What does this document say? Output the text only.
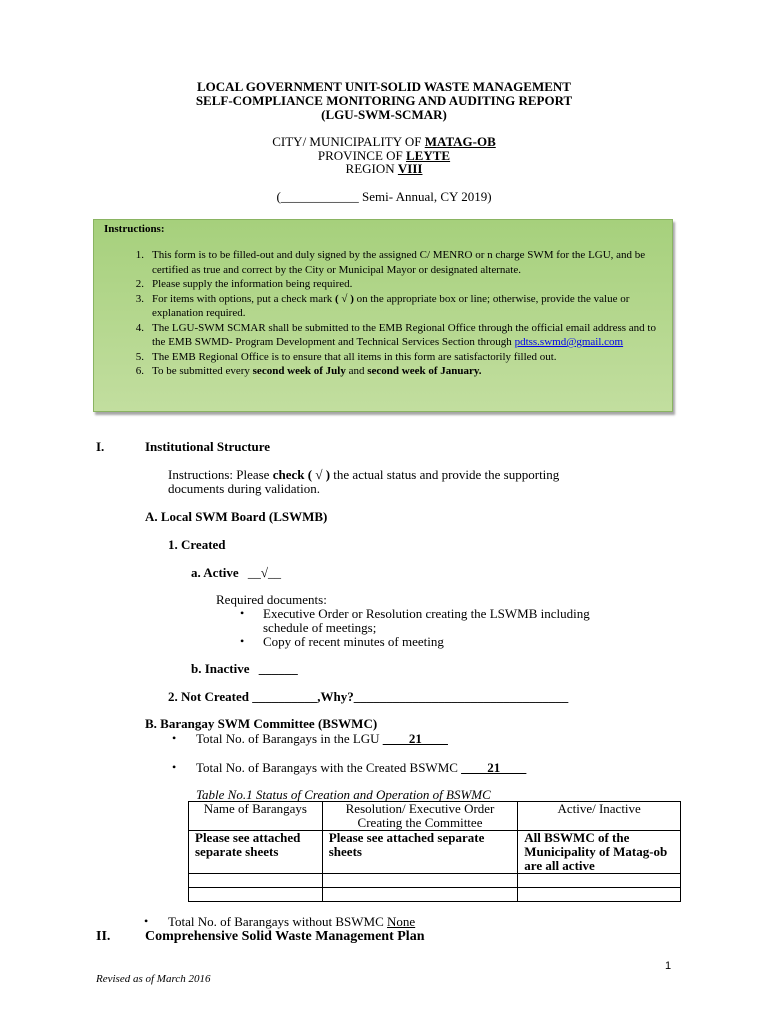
LOCAL GOVERNMENT UNIT-SOLID WASTE MANAGEMENT
SELF-COMPLIANCE MONITORING AND AUDITING REPORT
(LGU-SWM-SCMAR)
CITY/ MUNICIPALITY OF MATAG-OB
PROVINCE OF LEYTE
REGION VIII
(____________ Semi- Annual, CY 2019)
Instructions:
1. This form is to be filled-out and duly signed by the assigned C/ MENRO or n charge SWM for the LGU, and be certified as true and correct by the City or Municipal Mayor or designated alternate.
2. Please supply the information being required.
3. For items with options, put a check mark ( √ ) on the appropriate box or line; otherwise, provide the value or explanation required.
4. The LGU-SWM SCMAR shall be submitted to the EMB Regional Office through the official email address and to the EMB SWMD- Program Development and Technical Services Section through pdtss.swmd@gmail.com
5. The EMB Regional Office is to ensure that all items in this form are satisfactorily filled out.
6. To be submitted every second week of July and second week of January.
I.	Institutional Structure
Instructions: Please check ( √ ) the actual status and provide the supporting
documents during validation.
A. Local SWM Board (LSWMB)
1. Created
a. Active __√__
Required documents:
• Executive Order or Resolution creating the LSWMB including
schedule of meetings;
• Copy of recent minutes of meeting
b. Inactive ______
2. Not Created __________,Why?_________________________________
B. Barangay SWM Committee (BSWMC)
• Total No. of Barangays in the LGU ____21____
• Total No. of Barangays with the Created BSWMC ____21____
Table No.1 Status of Creation and Operation of BSWMC
Name of Barangays	Resolution/ Executive Order Creating the Committee	Active/ Inactive
Please see attached separate sheets	Please see attached separate sheets	All BSWMC of the Municipality of Matag-ob are all active

• Total No. of Barangays without BSWMC None
II. Comprehensive Solid Waste Management Plan
1
Revised as of March 2016
